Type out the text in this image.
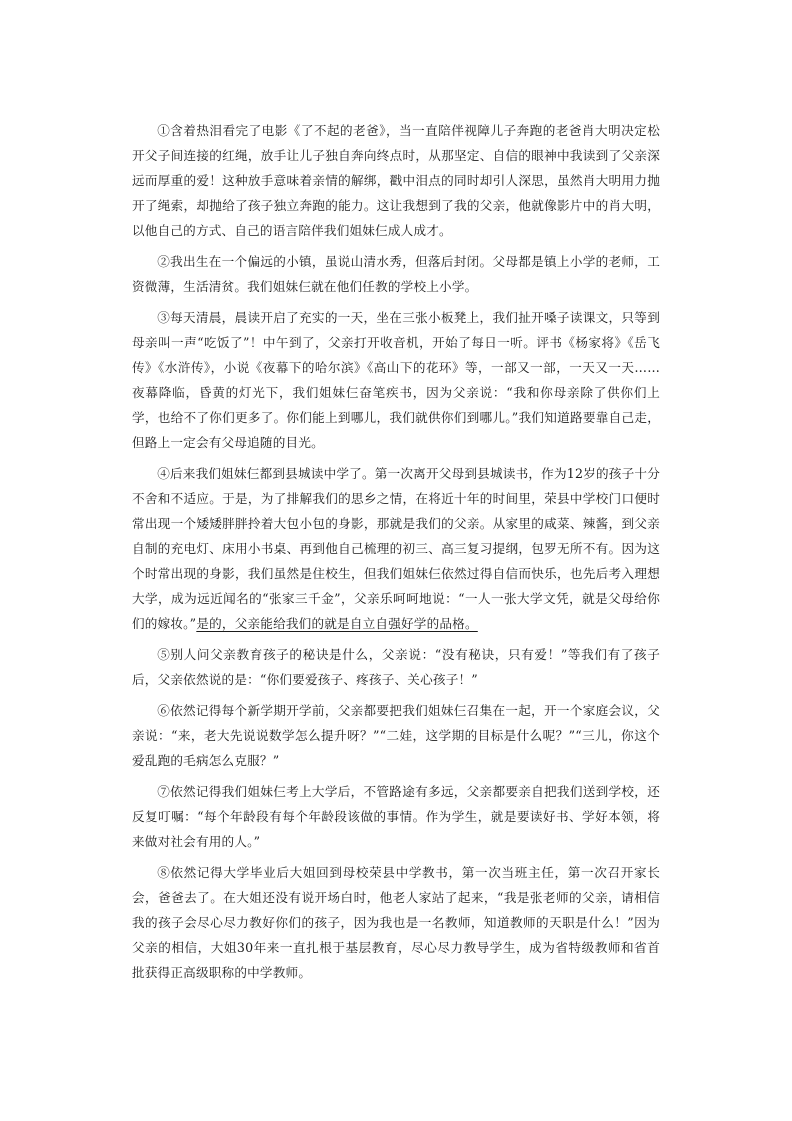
①含着热泪看完了电影《了不起的老爸》，当一直陪伴视障儿子奔跑的老爸肖大明决定松开父子间连接的红绳，放手让儿子独自奔向终点时，从那坚定、自信的眼神中我读到了父亲深远而厚重的爱！这种放手意味着亲情的解绑，戳中泪点的同时却引人深思，虽然肖大明用力抛开了绳索，却抛给了孩子独立奔跑的能力。这让我想到了我的父亲，他就像影片中的肖大明，以他自己的方式、自己的语言陪伴我们姐妹仨成人成才。

②我出生在一个偏远的小镇，虽说山清水秀，但落后封闭。父母都是镇上小学的老师，工资微薄，生活清贫。我们姐妹仨就在他们任教的学校上小学。

③每天清晨，晨读开启了充实的一天，坐在三张小板凳上，我们扯开嗓子读课文，只等到母亲叫一声“吃饭了”！中午到了，父亲打开收音机，开始了每日一听。评书《杨家将》《岳飞传》《水浒传》，小说《夜幕下的哈尔滨》《高山下的花环》等，一部又一部，一天又一天……夜幕降临，昏黄的灯光下，我们姐妹仨奋笔疾书，因为父亲说：“我和你母亲除了供你们上学，也给不了你们更多了。你们能上到哪儿，我们就供你们到哪儿。”我们知道路要靠自己走，但路上一定会有父母追随的目光。

④后来我们姐妹仨都到县城读中学了。第一次离开父母到县城读书，作为12岁的孩子十分不舍和不适应。于是，为了排解我们的思乡之情，在将近十年的时间里，荣县中学校门口便时常出现一个矮矮胖胖拎着大包小包的身影，那就是我们的父亲。从家里的咸菜、辣酱，到父亲自制的充电灯、床用小书桌、再到他自己梳理的初三、高三复习提纲，包罗无所不有。因为这个时常出现的身影，我们虽然是住校生，但我们姐妹仨依然过得自信而快乐，也先后考入理想大学，成为远近闻名的“张家三千金”，父亲乐呵呵地说：“一人一张大学文凭，就是父母给你们的嫁妆。”是的，父亲能给我们的就是自立自强好学的品格。

⑤别人问父亲教育孩子的秘诀是什么，父亲说：“没有秘诀，只有爱！”等我们有了孩子后，父亲依然说的是：“你们要爱孩子、疼孩子、关心孩子！”

⑥依然记得每个新学期开学前，父亲都要把我们姐妹仨召集在一起，开一个家庭会议，父亲说：“来，老大先说说数学怎么提升呀？”“二娃，这学期的目标是什么呢？”“三儿，你这个爱乱跑的毛病怎么克服？”

⑦依然记得我们姐妹仨考上大学后，不管路途有多远，父亲都要亲自把我们送到学校，还反复叮嘱：“每个年龄段有每个年龄段该做的事情。作为学生，就是要读好书、学好本领，将来做对社会有用的人。”

⑧依然记得大学毕业后大姐回到母校荣县中学教书，第一次当班主任，第一次召开家长会，爸爸去了。在大姐还没有说开场白时，他老人家站了起来，“我是张老师的父亲，请相信我的孩子会尽心尽力教好你们的孩子，因为我也是一名教师，知道教师的天职是什么！”因为父亲的相信，大姐30年来一直扎根于基层教育，尽心尽力教导学生，成为省特级教师和省首批获得正高级职称的中学教师。
